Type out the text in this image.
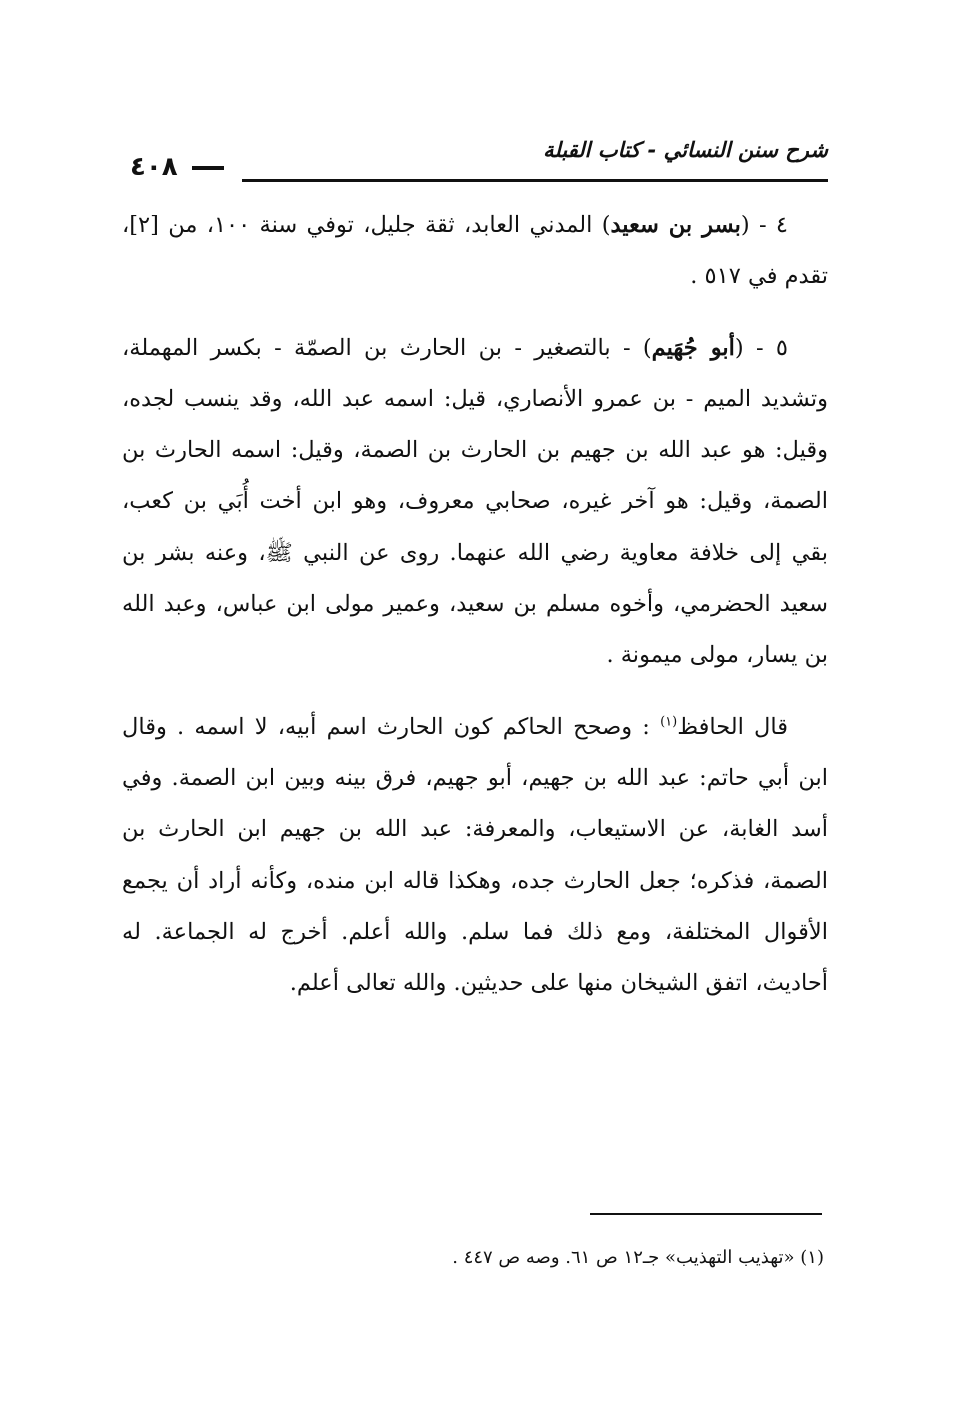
شرح سنن النسائي - كتاب القبلة
٤٠٨

٤ - (بسر بن سعيد) المدني العابد، ثقة جليل، توفي سنة ١٠٠، من [٢]، تقدم في ٥١٧ .

٥ - (أبو جُهَيم) - بالتصغير - بن الحارث بن الصمّة - بكسر المهملة، وتشديد الميم - بن عمرو الأنصاري، قيل: اسمه عبد الله، وقد ينسب لجده، وقيل: هو عبد الله بن جهيم بن الحارث بن الصمة، وقيل: اسمه الحارث بن الصمة، وقيل: هو آخر غيره، صحابي معروف، وهو ابن أخت أُبَي بن كعب، بقي إلى خلافة معاوية رضي الله عنهما. روى عن النبي ﷺ، وعنه بشر بن سعيد الحضرمي، وأخوه مسلم بن سعيد، وعمير مولى ابن عباس، وعبد الله بن يسار، مولى ميمونة .

قال الحافظ$^{(١)}$ : وصحح الحاكم كون الحارث اسم أبيه، لا اسمه . وقال ابن أبي حاتم: عبد الله بن جهيم، أبو جهيم، فرق بينه وبين ابن الصمة. وفي أسد الغابة، عن الاستيعاب، والمعرفة: عبد الله بن جهيم ابن الحارث بن الصمة، فذكره؛ جعل الحارث جده، وهكذا قاله ابن منده، وكأنه أراد أن يجمع الأقوال المختلفة، ومع ذلك فما سلم. والله أعلم. أخرج له الجماعة. له أحاديث، اتفق الشيخان منها على حديثين. والله تعالى أعلم.

(١) «تهذيب التهذيب» جـ١٢ ص ٦١. وصه ص ٤٤٧ .
